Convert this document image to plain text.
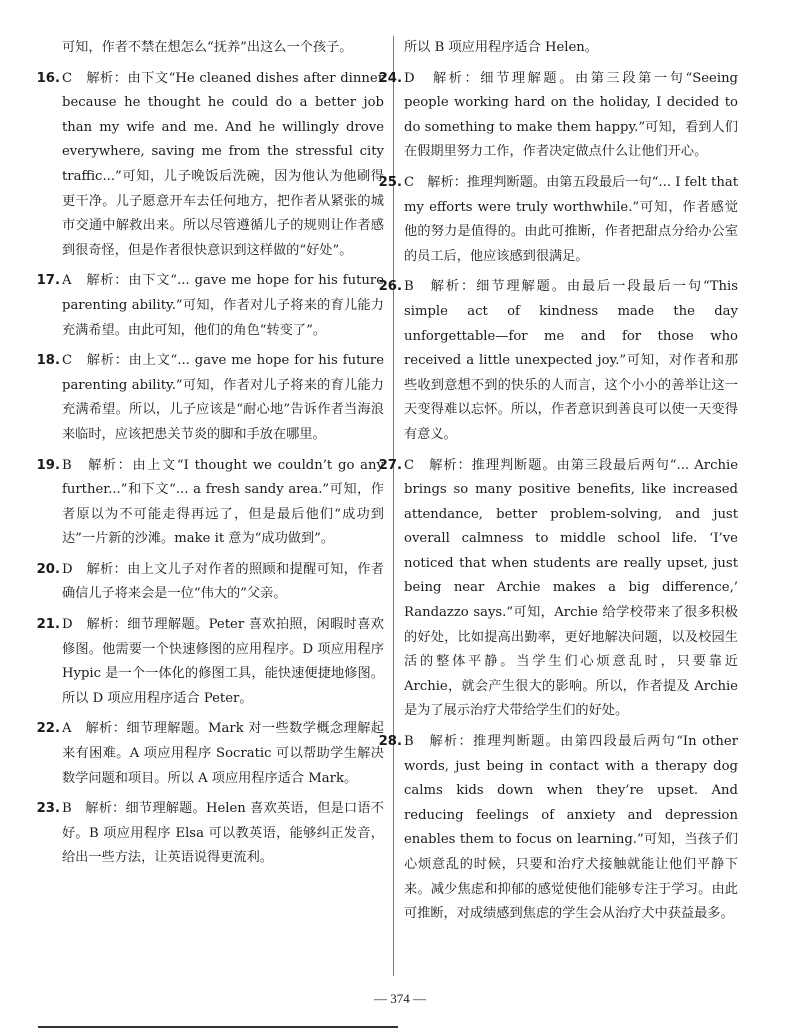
可知，作者不禁在想怎么“抚养”出这么一个孩子。
16. C　解析：由下文“He cleaned dishes after dinner because he thought he could do a better job than my wife and me. And he willingly drove everywhere, saving me from the stressful city traffic...”可知，儿子晚饭后洗碗，因为他认为他刷得更干净。儿子愿意开车去任何地方，把作者从紧张的城市交通中解救出来。所以尽管遵循儿子的规则让作者感到很奇怪，但是作者很快意识到这样做的“好处”。
17. A　解析：由下文“... gave me hope for his future parenting ability.”可知，作者对儿子将来的育儿能力充满希望。由此可知，他们的角色“转变了”。
18. C　解析：由上文“... gave me hope for his future parenting ability.”可知，作者对儿子将来的育儿能力充满希望。所以，儿子应该是“耐心地”告诉作者当海浪来临时，应该把患关节炎的脚和手放在哪里。
19. B　解析：由上文“I thought we couldn’t go any further...”和下文“... a fresh sandy area.”可知，作者原以为不可能走得再远了，但是最后他们“成功到达”一片新的沙滩。make it 意为“成功做到”。
20. D　解析：由上文儿子对作者的照顾和提醒可知，作者确信儿子将来会是一位“伟大的”父亲。
21. D　解析：细节理解题。Peter 喜欢拍照，闲暇时喜欢修图。他需要一个快速修图的应用程序。D 项应用程序 Hypic 是一个一体化的修图工具，能快速便捷地修图。所以 D 项应用程序适合 Peter。
22. A　解析：细节理解题。Mark 对一些数学概念理解起来有困难。A 项应用程序 Socratic 可以帮助学生解决数学问题和项目。所以 A 项应用程序适合 Mark。
23. B　解析：细节理解题。Helen 喜欢英语，但是口语不好。B 项应用程序 Elsa 可以教英语，能够纠正发音，给出一些方法，让英语说得更流利。
所以 B 项应用程序适合 Helen。
24. D　解析：细节理解题。由第三段第一句“Seeing people working hard on the holiday, I decided to do something to make them happy.”可知，看到人们在假期里努力工作，作者决定做点什么让他们开心。
25. C　解析：推理判断题。由第五段最后一句“... I felt that my efforts were truly worthwhile.”可知，作者感觉他的努力是值得的。由此可推断，作者把甜点分给办公室的员工后，他应该感到很满足。
26. B　解析：细节理解题。由最后一段最后一句“This simple act of kindness made the day unforgettable—for me and for those who received a little unexpected joy.”可知，对作者和那些收到意想不到的快乐的人而言，这个小小的善举让这一天变得难以忘怀。所以，作者意识到善良可以使一天变得有意义。
27. C　解析：推理判断题。由第三段最后两句“... Archie brings so many positive benefits, like increased attendance, better problem-solving, and just overall calmness to middle school life. ‘I’ve noticed that when students are really upset, just being near Archie makes a big difference,’ Randazzo says.”可知，Archie 给学校带来了很多积极的好处，比如提高出勤率，更好地解决问题，以及校园生活的整体平静。当学生们心烦意乱时，只要靠近 Archie，就会产生很大的影响。所以，作者提及 Archie 是为了展示治疗犬带给学生们的好处。
28. B　解析：推理判断题。由第四段最后两句“In other words, just being in contact with a therapy dog calms kids down when they’re upset. And reducing feelings of anxiety and depression enables them to focus on learning.”可知，当孩子们心烦意乱的时候，只要和治疗犬接触就能让他们平静下来。减少焦虑和抑郁的感觉使他们能够专注于学习。由此可推断，对成绩感到焦虑的学生会从治疗犬中获益最多。
— 374 —
